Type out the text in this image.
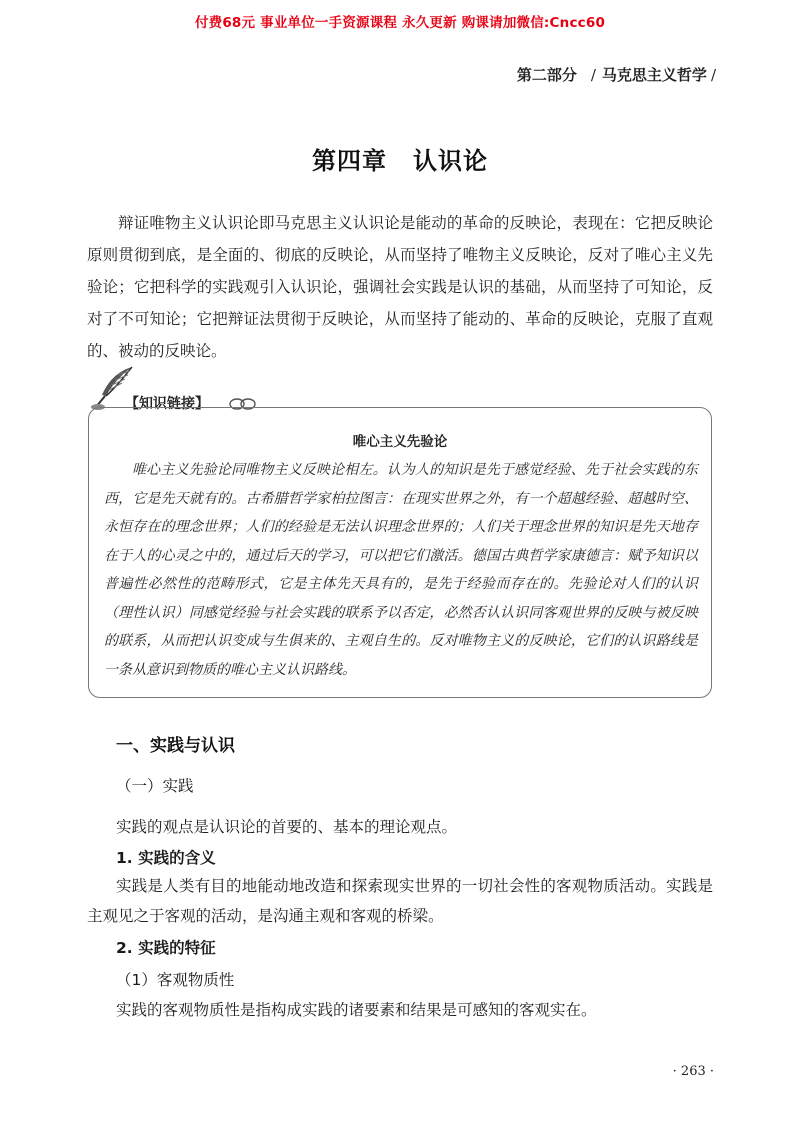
付费68元 事业单位一手资源课程 永久更新 购课请加微信:Cncc60
第二部分 / 马克思主义哲学 /
第四章 认识论

辩证唯物主义认识论即马克思主义认识论是能动的革命的反映论，表现在：它把反映论原则贯彻到底，是全面的、彻底的反映论，从而坚持了唯物主义反映论，反对了唯心主义先验论；它把科学的实践观引入认识论，强调社会实践是认识的基础，从而坚持了可知论，反对了不可知论；它把辩证法贯彻于反映论，从而坚持了能动的、革命的反映论，克服了直观的、被动的反映论。

【知识链接】
唯心主义先验论

唯心主义先验论同唯物主义反映论相左。认为人的知识是先于感觉经验、先于社会实践的东西，它是先天就有的。古希腊哲学家柏拉图言：在现实世界之外，有一个超越经验、超越时空、永恒存在的理念世界；人们的经验是无法认识理念世界的；人们关于理念世界的知识是先天地存在于人的心灵之中的，通过后天的学习，可以把它们激活。德国古典哲学家康德言：赋予知识以普遍性必然性的范畴形式，它是主体先天具有的，是先于经验而存在的。先验论对人们的认识（理性认识）同感觉经验与社会实践的联系予以否定，必然否认认识同客观世界的反映与被反映的联系，从而把认识变成与生俱来的、主观自生的。反对唯物主义的反映论，它们的认识路线是一条从意识到物质的唯心主义认识路线。

一、实践与认识
（一）实践

实践的观点是认识论的首要的、基本的理论观点。

1. 实践的含义

实践是人类有目的地能动地改造和探索现实世界的一切社会性的客观物质活动。实践是主观见之于客观的活动，是沟通主观和客观的桥梁。

2. 实践的特征
（1）客观物质性

实践的客观物质性是指构成实践的诸要素和结果是可感知的客观实在。

· 263 ·
